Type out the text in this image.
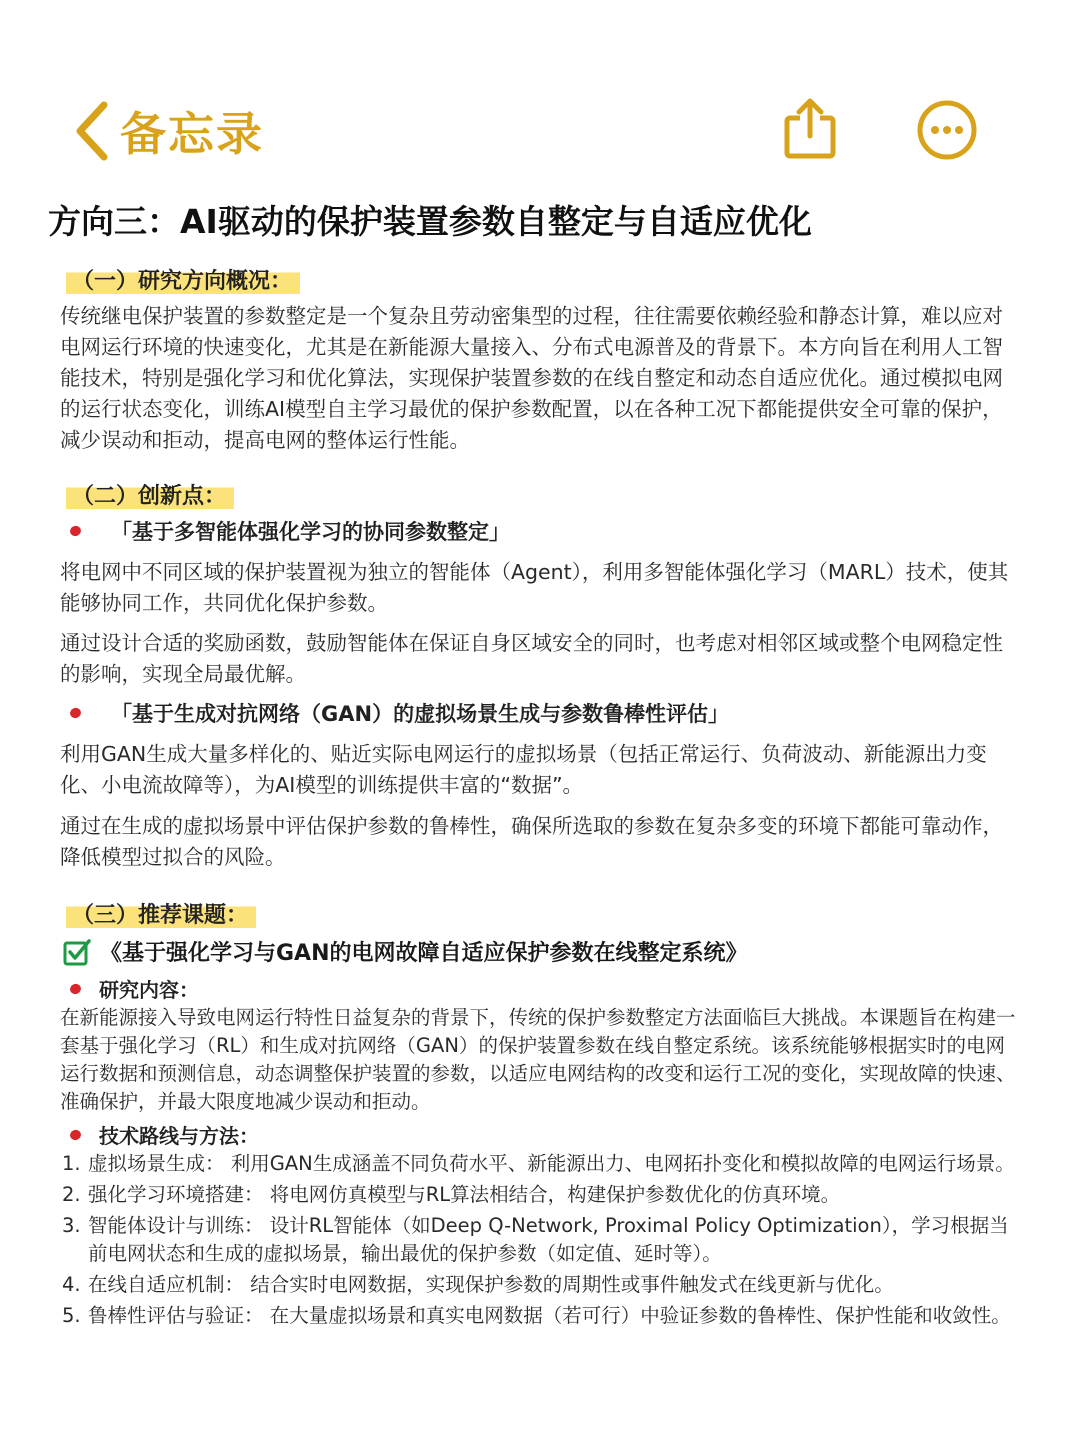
备忘录
方向三：AI驱动的保护装置参数自整定与自适应优化
（一）研究方向概况：
传统继电保护装置的参数整定是一个复杂且劳动密集型的过程，往往需要依赖经验和静态计算，难以应对电网运行环境的快速变化，尤其是在新能源大量接入、分布式电源普及的背景下。本方向旨在利用人工智能技术，特别是强化学习和优化算法，实现保护装置参数的在线自整定和动态自适应优化。通过模拟电网的运行状态变化，训练AI模型自主学习最优的保护参数配置，以在各种工况下都能提供安全可靠的保护，减少误动和拒动，提高电网的整体运行性能。
（二）创新点：
「基于多智能体强化学习的协同参数整定」
将电网中不同区域的保护装置视为独立的智能体（Agent），利用多智能体强化学习（MARL）技术，使其能够协同工作，共同优化保护参数。
通过设计合适的奖励函数，鼓励智能体在保证自身区域安全的同时，也考虑对相邻区域或整个电网稳定性的影响，实现全局最优解。
「基于生成对抗网络（GAN）的虚拟场景生成与参数鲁棒性评估」
利用GAN生成大量多样化的、贴近实际电网运行的虚拟场景（包括正常运行、负荷波动、新能源出力变化、小电流故障等），为AI模型的训练提供丰富的“数据”。
通过在生成的虚拟场景中评估保护参数的鲁棒性，确保所选取的参数在复杂多变的环境下都能可靠动作，降低模型过拟合的风险。
（三）推荐课题：
《基于强化学习与GAN的电网故障自适应保护参数在线整定系统》
研究内容：
在新能源接入导致电网运行特性日益复杂的背景下，传统的保护参数整定方法面临巨大挑战。本课题旨在构建一套基于强化学习（RL）和生成对抗网络（GAN）的保护装置参数在线自整定系统。该系统能够根据实时的电网运行数据和预测信息，动态调整保护装置的参数，以适应电网结构的改变和运行工况的变化，实现故障的快速、准确保护，并最大限度地减少误动和拒动。
技术路线与方法：
1. 虚拟场景生成： 利用GAN生成涵盖不同负荷水平、新能源出力、电网拓扑变化和模拟故障的电网运行场景。
2. 强化学习环境搭建： 将电网仿真模型与RL算法相结合，构建保护参数优化的仿真环境。
3. 智能体设计与训练： 设计RL智能体（如Deep Q-Network, Proximal Policy Optimization），学习根据当前电网状态和生成的虚拟场景，输出最优的保护参数（如定值、延时等）。
4. 在线自适应机制： 结合实时电网数据，实现保护参数的周期性或事件触发式在线更新与优化。
5. 鲁棒性评估与验证： 在大量虚拟场景和真实电网数据（若可行）中验证参数的鲁棒性、保护性能和收敛性。
